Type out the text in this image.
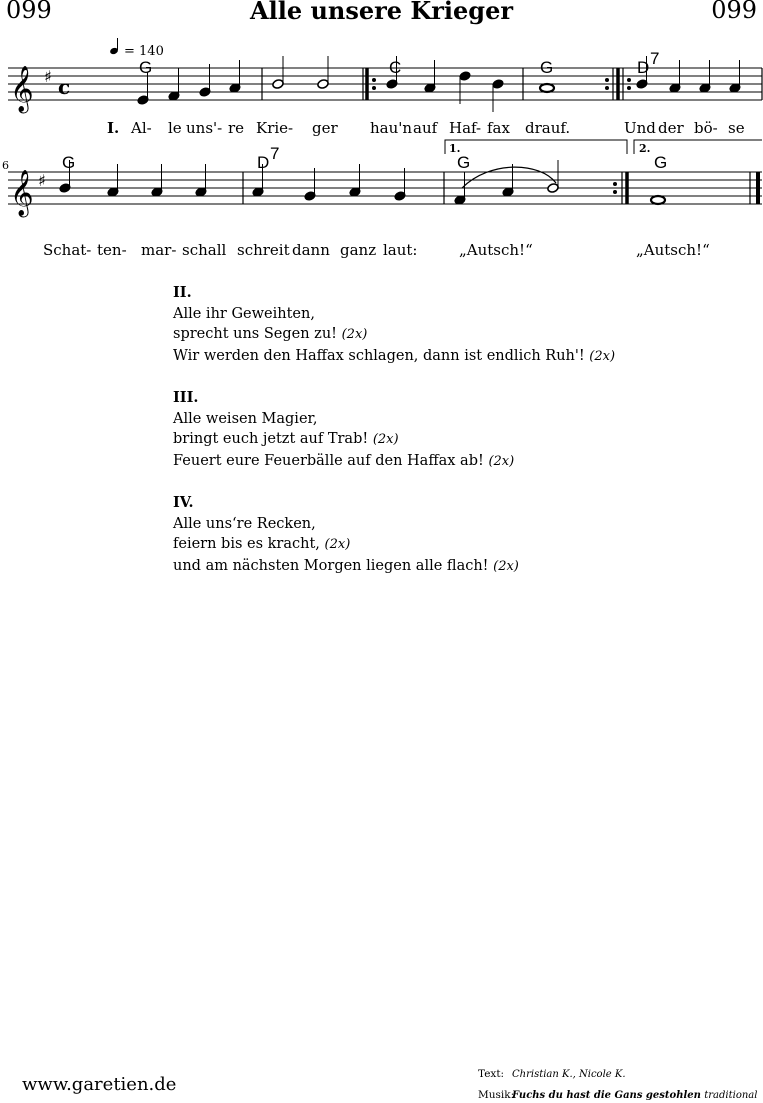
099	Alle unsere Krieger	099
𝄞 ♯ c
= 140
G	C	G	D 7
I. Al- le uns'- re Krie- ger hau'n auf Haf- fax drauf.	Und der bö- se
6
𝄞 ♯
1.	2.
G	D 7	G	G
Schat- ten- mar- schall schreit dann ganz laut:	„Autsch!“	„Autsch!“
II.
Alle ihr Geweihten,
sprecht uns Segen zu! (2x)
Wir werden den Haffax schlagen, dann ist endlich Ruh'! (2x)
III.
Alle weisen Magier,
bringt euch jetzt auf Trab! (2x)
Feuert eure Feuerbälle auf den Haffax ab! (2x)
IV.
Alle uns‘re Recken,
feiern bis es kracht, (2x)
und am nächsten Morgen liegen alle flach! (2x)
www.garetien.de	Text: Christian K., Nicole K.
Musik:Fuchs du hast die Gans gestohlen traditional
